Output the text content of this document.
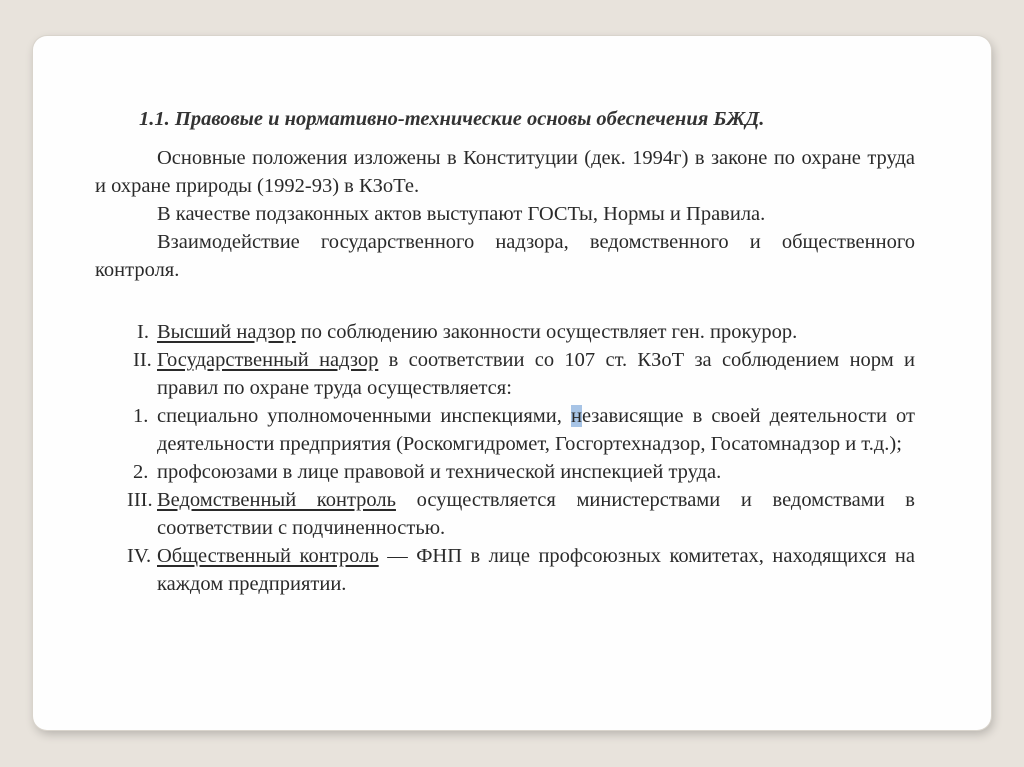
1.1. Правовые и нормативно-технические основы обеспечения БЖД.

Основные положения изложены в Конституции (дек. 1994г) в законе по охране труда и охране природы (1992-93) в КЗоТе.

В качестве подзаконных актов выступают ГОСТы, Нормы и Правила.

Взаимодействие государственного надзора, ведомственного и общественного контроля.

I. Высший надзор по соблюдению законности осуществляет ген. прокурор.
II. Государственный надзор в соответствии со 107 ст. КЗоТ за соблюдением норм и правил по охране труда осуществляется:
1. специально уполномоченными инспекциями, независящие в своей деятельности от деятельности предприятия (Роскомгидромет, Госгортехнадзор, Госатомнадзор и т.д.);
2. профсоюзами в лице правовой и технической инспекцией труда.
III. Ведомственный контроль осуществляется министерствами и ведомствами в соответствии с подчиненностью.
IV. Общественный контроль — ФНП в лице профсоюзных комитетах, находящихся на каждом предприятии.
